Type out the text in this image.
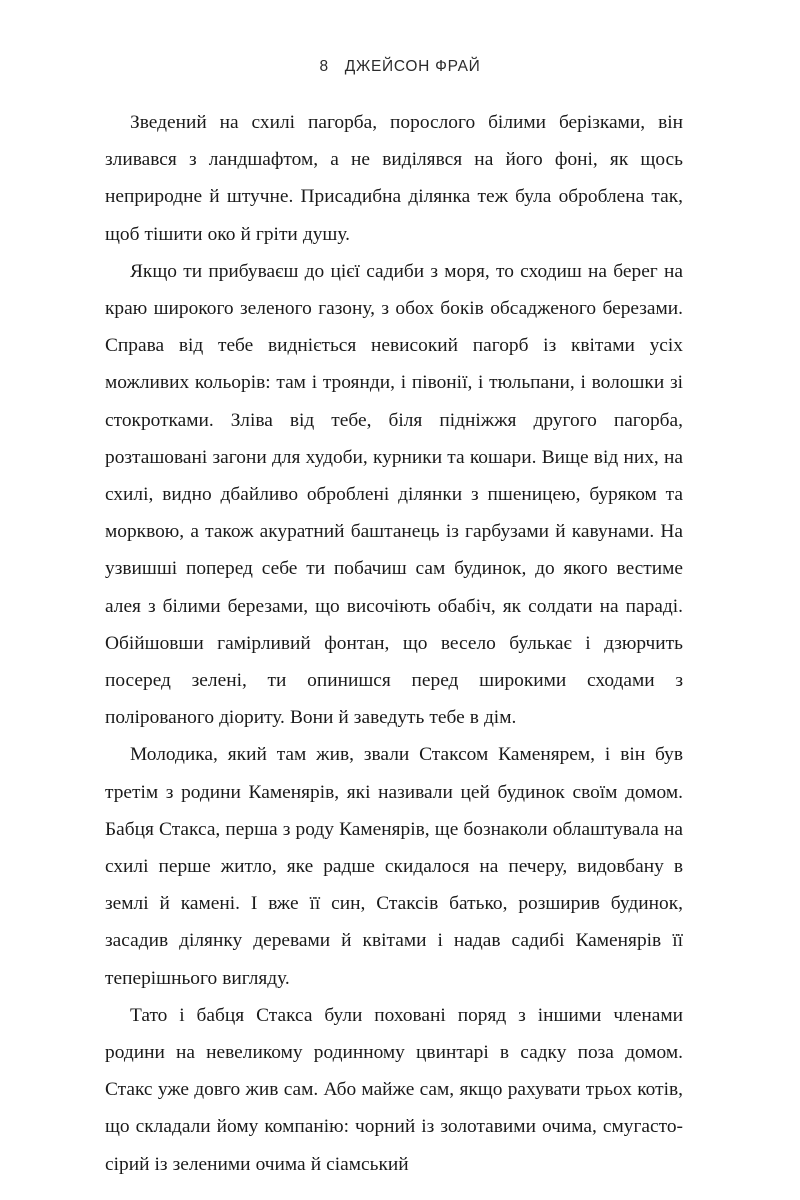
8 ДЖЕЙСОН ФРАЙ

Зведений на схилі пагорба, порослого білими берізками, він зливався з ландшафтом, а не виділявся на його фоні, як щось неприродне й штучне. Присадибна ділянка теж була оброблена так, щоб тішити око й гріти душу.

Якщо ти прибуваєш до цієї садиби з моря, то сходиш на берег на краю широкого зеленого газону, з обох боків обсадженого березами. Справа від тебе видніється невисокий пагорб із квітами усіх можливих кольорів: там і троянди, і півонії, і тюльпани, і волошки зі стокротками. Зліва від тебе, біля підніжжя другого пагорба, розташовані загони для худоби, курники та кошари. Вище від них, на схилі, видно дбайливо оброблені ділянки з пшеницею, буряком та морквою, а також акуратний баштанець із гарбузами й кавунами. На узвишші поперед себе ти побачиш сам будинок, до якого вестиме алея з білими березами, що височіють обабіч, як солдати на параді. Обійшовши гамірливий фонтан, що весело булькає і дзюрчить посеред зелені, ти опинишся перед широкими сходами з полірованого діориту. Вони й заведуть тебе в дім.

Молодика, який там жив, звали Стаксом Каменярем, і він був третім з родини Каменярів, які називали цей будинок своїм домом. Бабця Стакса, перша з роду Каменярів, ще бознаколи облаштувала на схилі перше житло, яке радше скидалося на печеру, видовбану в землі й камені. І вже її син, Стаксів батько, розширив будинок, засадив ділянку деревами й квітами і надав садибі Каменярів її теперішнього вигляду.

Тато і бабця Стакса були поховані поряд з іншими членами родини на невеликому родинному цвинтарі в садку поза домом. Стакс уже довго жив сам. Або майже сам, якщо рахувати трьох котів, що складали йому компанію: чорний із золотавими очима, смугасто-сірий із зеленими очима й сіамський
